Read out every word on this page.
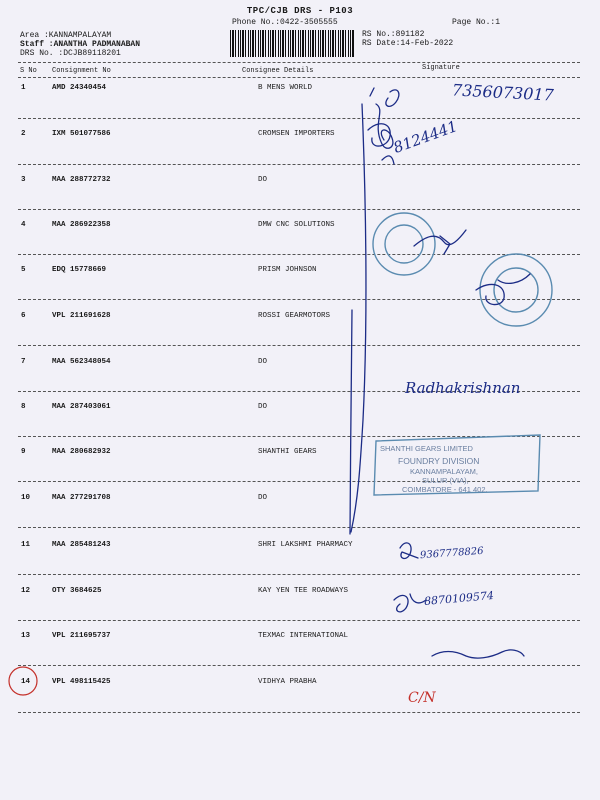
TPC/CJB DRS - P103
Phone No.:0422-3505555	Page No.:1
Area :KANNAMPALAYAM
Staff :ANANTHA PADMANABAN
DRS No. :DCJB89118201
RS No.:891182
RS Date:14-Feb-2022
S No Consignment No	Consignee Details	Signature
1	AMD 24340454	B MENS WORLD
2	IXM 501077586	CROMSEN IMPORTERS
3	MAA 288772732	DO
4	MAA 286922358	DMW CNC SOLUTIONS
5	EDQ 15778669	PRISM JOHNSON
6	VPL 211691628	ROSSI GEARMOTORS
7	MAA 562348054	DO
8	MAA 287403061	DO
9	MAA 280682932	SHANTHI GEARS
10	MAA 277291708	DO
11	MAA 285481243	SHRI LAKSHMI PHARMACY
12	OTY 3684625	KAY YEN TEE ROADWAYS
13	VPL 211695737	TEXMAC INTERNATIONAL
14	VPL 498115425	VIDHYA PRABHA
SHANTHI GEARS LIMITED
FOUNDRY DIVISION
KANNAMPALAYAM,
SULUR (VIA),
COIMBATORE - 641 402.
7356073017
8124441
Radhakrishnan
9367778826
8870109574
C/N
